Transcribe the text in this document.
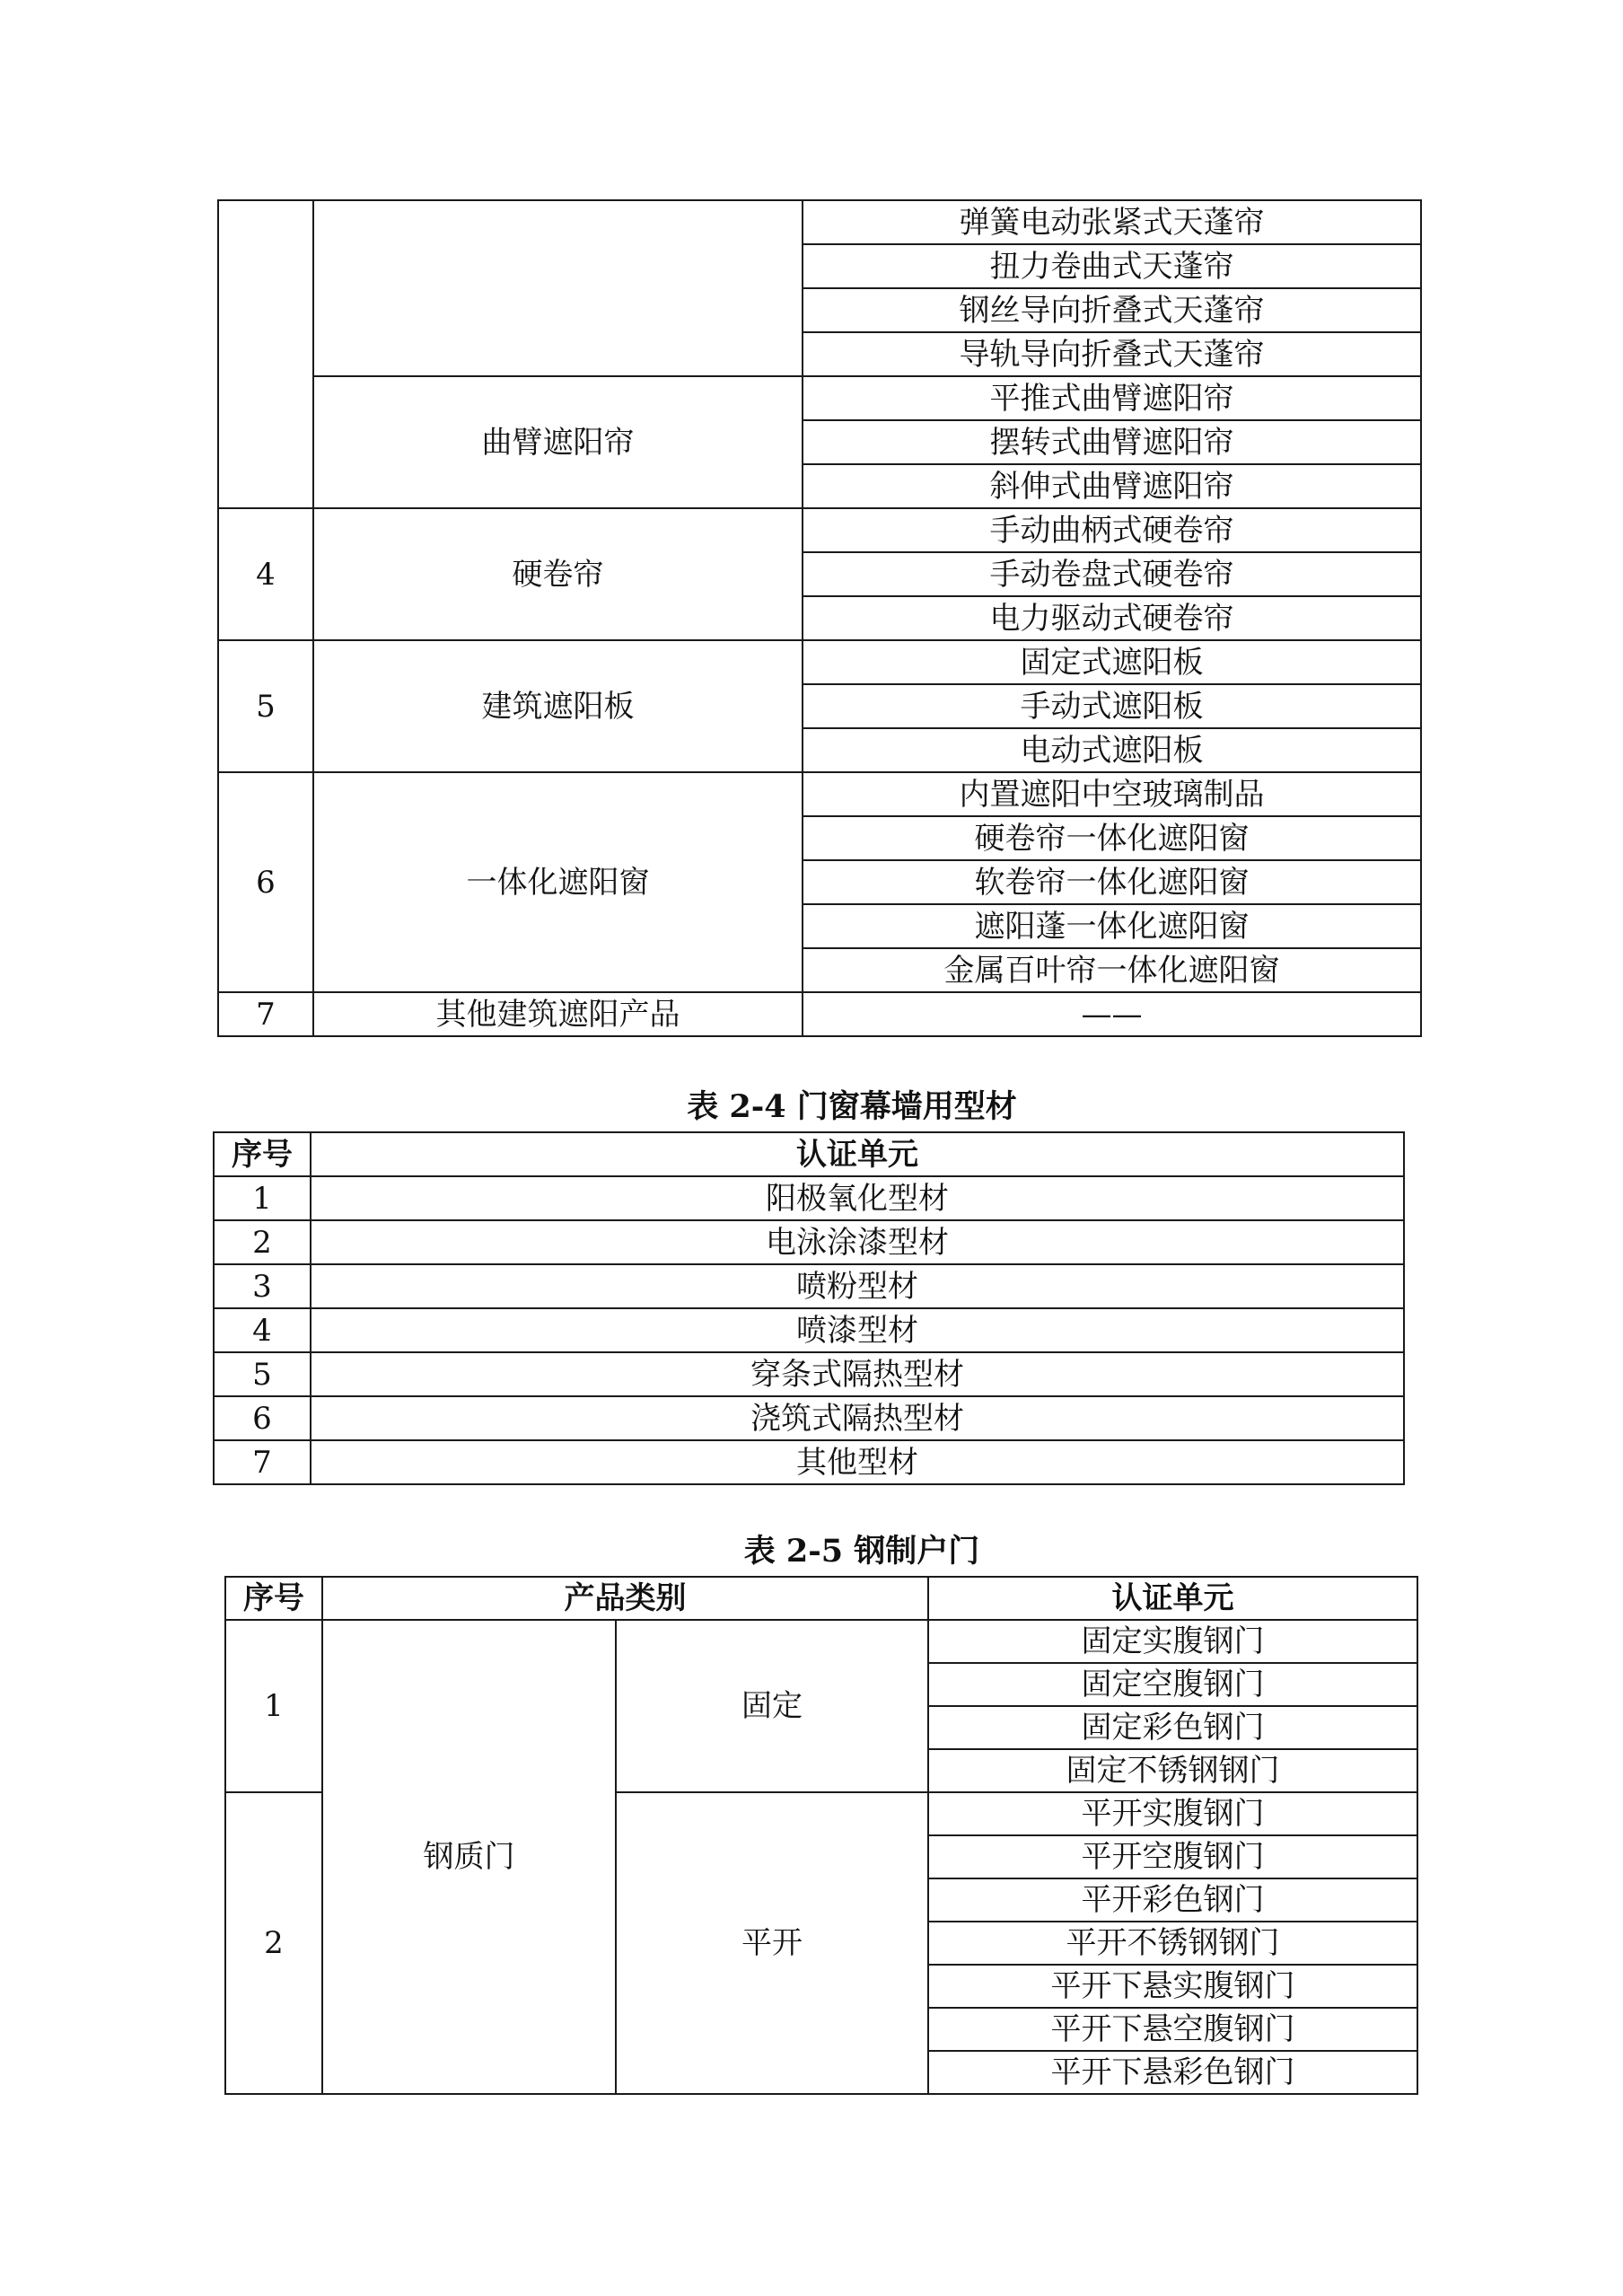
		弹簧电动张紧式天蓬帘
		扭力卷曲式天蓬帘
		钢丝导向折叠式天蓬帘
		导轨导向折叠式天蓬帘
	曲臂遮阳帘	平推式曲臂遮阳帘
		摆转式曲臂遮阳帘
		斜伸式曲臂遮阳帘
4	硬卷帘	手动曲柄式硬卷帘
		手动卷盘式硬卷帘
		电力驱动式硬卷帘
5	建筑遮阳板	固定式遮阳板
		手动式遮阳板
		电动式遮阳板
6	一体化遮阳窗	内置遮阳中空玻璃制品
		硬卷帘一体化遮阳窗
		软卷帘一体化遮阳窗
		遮阳蓬一体化遮阳窗
		金属百叶帘一体化遮阳窗
7	其他建筑遮阳产品	——
表 2-4 门窗幕墙用型材
序号	认证单元
1	阳极氧化型材
2	电泳涂漆型材
3	喷粉型材
4	喷漆型材
5	穿条式隔热型材
6	浇筑式隔热型材
7	其他型材
表 2-5 钢制户门
序号	产品类别		认证单元
1	钢质门	固定	固定实腹钢门
			固定空腹钢门
			固定彩色钢门
			固定不锈钢钢门
2		平开	平开实腹钢门
			平开空腹钢门
			平开彩色钢门
			平开不锈钢钢门
			平开下悬实腹钢门
			平开下悬空腹钢门
			平开下悬彩色钢门
